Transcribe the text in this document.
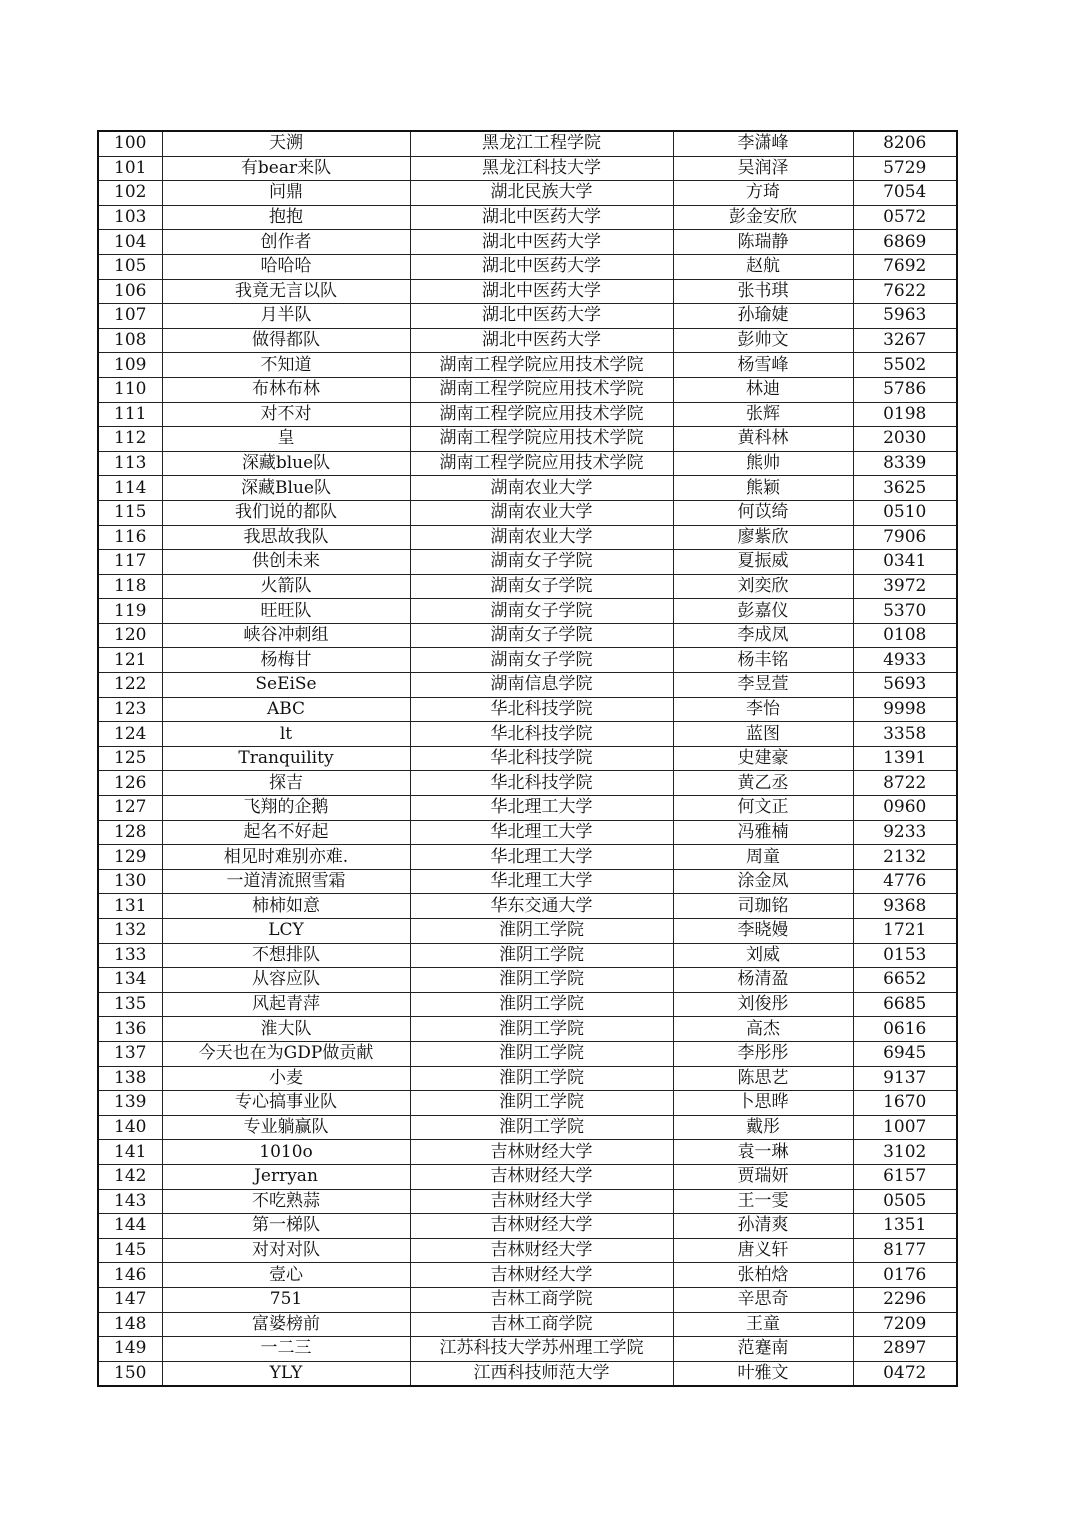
100	天溯	黑龙江工程学院	李潇峰	8206
101	有bear来队	黑龙江科技大学	吴润泽	5729
102	问鼎	湖北民族大学	方琦	7054
103	抱抱	湖北中医药大学	彭金安欣	0572
104	创作者	湖北中医药大学	陈瑞静	6869
105	哈哈哈	湖北中医药大学	赵航	7692
106	我竟无言以队	湖北中医药大学	张书琪	7622
107	月半队	湖北中医药大学	孙瑜婕	5963
108	做得都队	湖北中医药大学	彭帅文	3267
109	不知道	湖南工程学院应用技术学院	杨雪峰	5502
110	布林布林	湖南工程学院应用技术学院	林迪	5786
111	对不对	湖南工程学院应用技术学院	张辉	0198
112	皇	湖南工程学院应用技术学院	黄科林	2030
113	深藏blue队	湖南工程学院应用技术学院	熊帅	8339
114	深藏Blue队	湖南农业大学	熊颖	3625
115	我们说的都队	湖南农业大学	何苡绮	0510
116	我思故我队	湖南农业大学	廖紫欣	7906
117	供创未来	湖南女子学院	夏振威	0341
118	火箭队	湖南女子学院	刘奕欣	3972
119	旺旺队	湖南女子学院	彭嘉仪	5370
120	峡谷冲刺组	湖南女子学院	李成凤	0108
121	杨梅甘	湖南女子学院	杨丰铭	4933
122	SeEiSe	湖南信息学院	李昱萱	5693
123	ABC	华北科技学院	李怡	9998
124	lt	华北科技学院	蓝图	3358
125	Tranquility	华北科技学院	史建豪	1391
126	探吉	华北科技学院	黄乙丞	8722
127	飞翔的企鹅	华北理工大学	何文正	0960
128	起名不好起	华北理工大学	冯雅楠	9233
129	相见时难别亦难.	华北理工大学	周童	2132
130	一道清流照雪霜	华北理工大学	涂金凤	4776
131	柿柿如意	华东交通大学	司珈铭	9368
132	LCY	淮阴工学院	李晓嫚	1721
133	不想排队	淮阴工学院	刘威	0153
134	从容应队	淮阴工学院	杨清盈	6652
135	风起青萍	淮阴工学院	刘俊彤	6685
136	淮大队	淮阴工学院	高杰	0616
137	今天也在为GDP做贡献	淮阴工学院	李彤彤	6945
138	小麦	淮阴工学院	陈思艺	9137
139	专心搞事业队	淮阴工学院	卜思晔	1670
140	专业躺赢队	淮阴工学院	戴彤	1007
141	1010o	吉林财经大学	袁一琳	3102
142	Jerryan	吉林财经大学	贾瑞妍	6157
143	不吃熟蒜	吉林财经大学	王一雯	0505
144	第一梯队	吉林财经大学	孙清爽	1351
145	对对对队	吉林财经大学	唐义轩	8177
146	壹心	吉林财经大学	张柏焓	0176
147	751	吉林工商学院	辛思奇	2296
148	富婆榜前	吉林工商学院	王童	7209
149	一二三	江苏科技大学苏州理工学院	范蹇南	2897
150	YLY	江西科技师范大学	叶雅文	0472
